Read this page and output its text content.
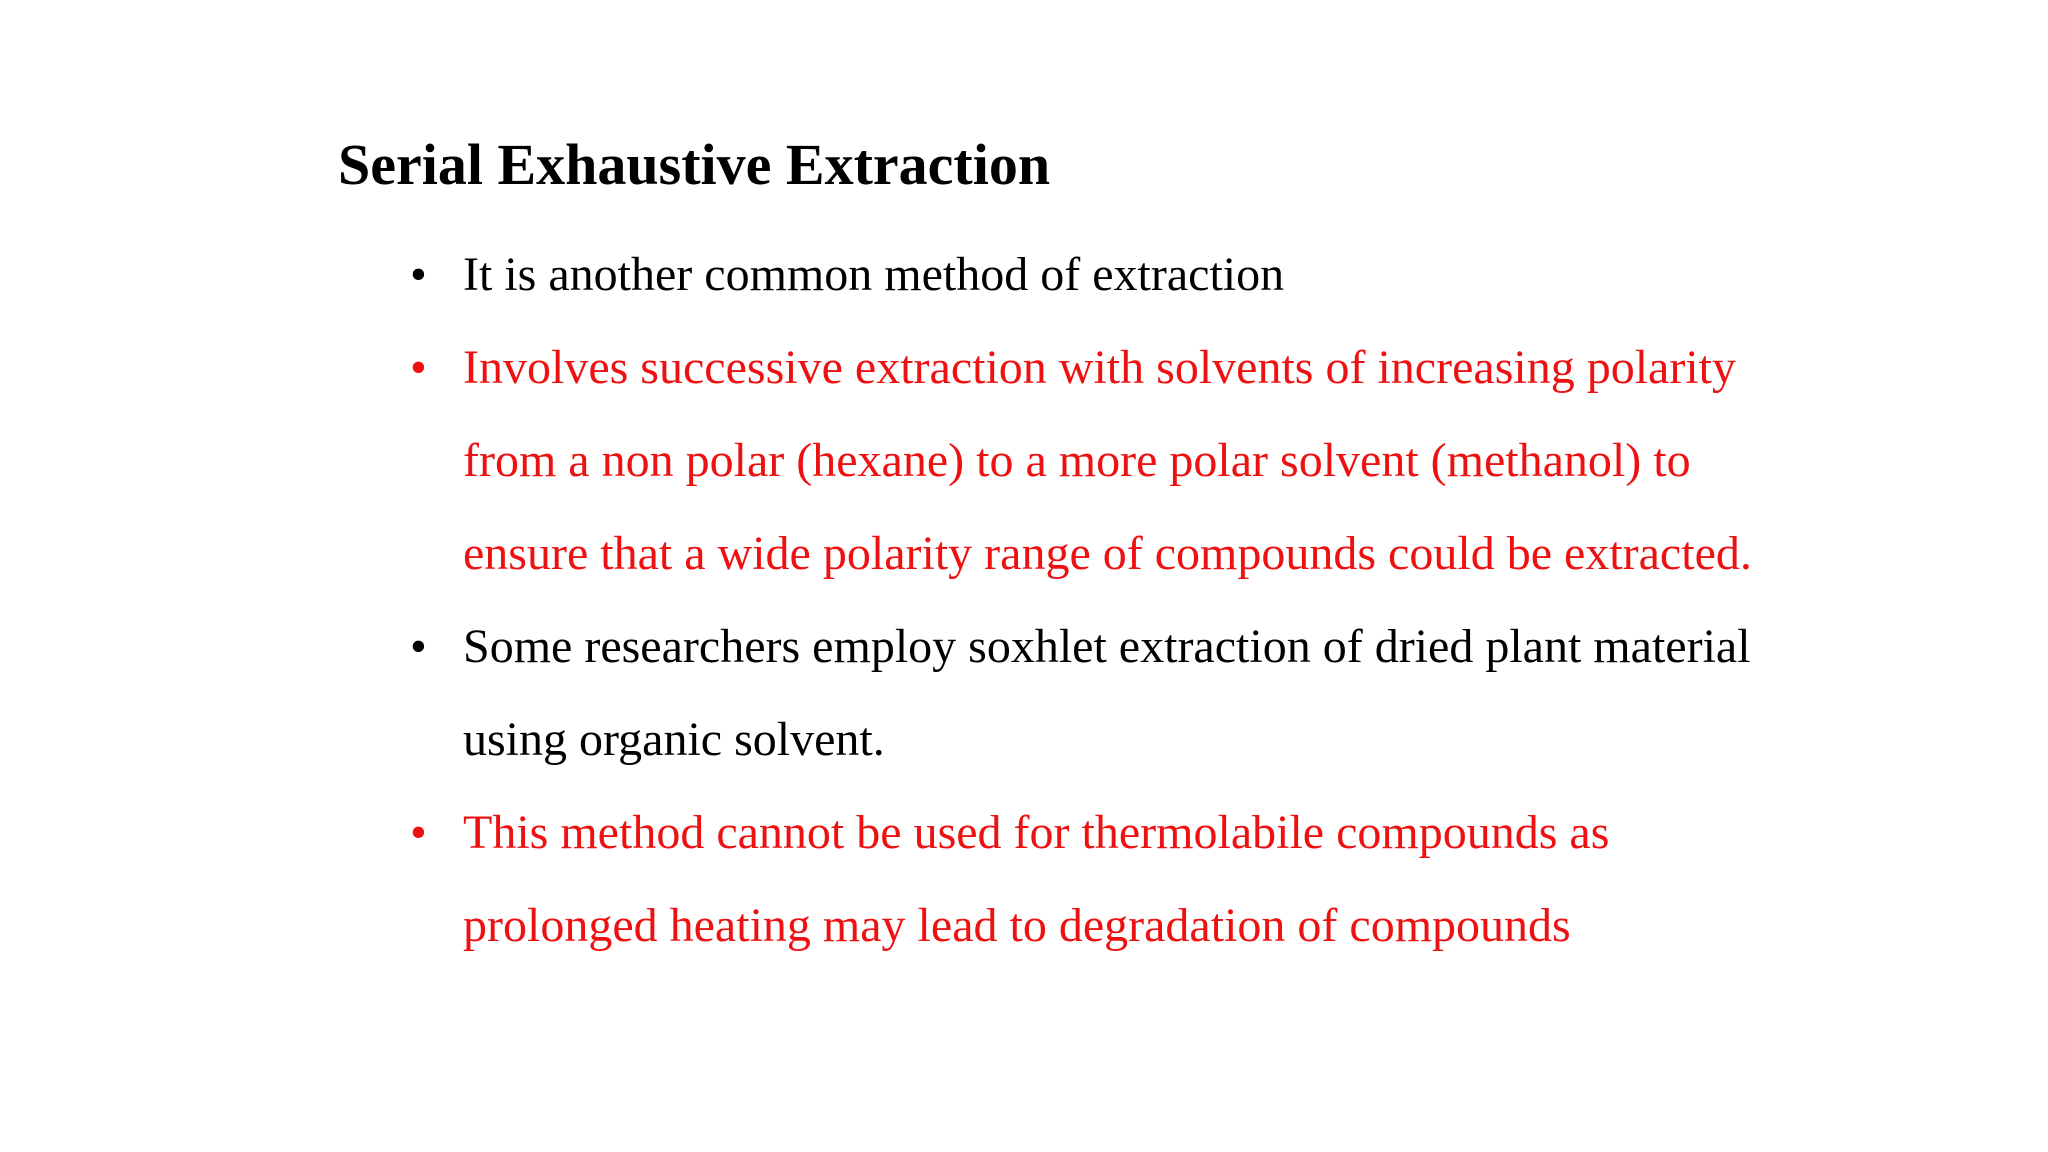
Serial Exhaustive Extraction
• It is another common method of extraction
• Involves successive extraction with solvents of increasing polarity from a non polar (hexane) to a more polar solvent (methanol) to ensure that a wide polarity range of compounds could be extracted.
• Some researchers employ soxhlet extraction of dried plant material using organic solvent.
• This method cannot be used for thermolabile compounds as prolonged heating may lead to degradation of compounds
